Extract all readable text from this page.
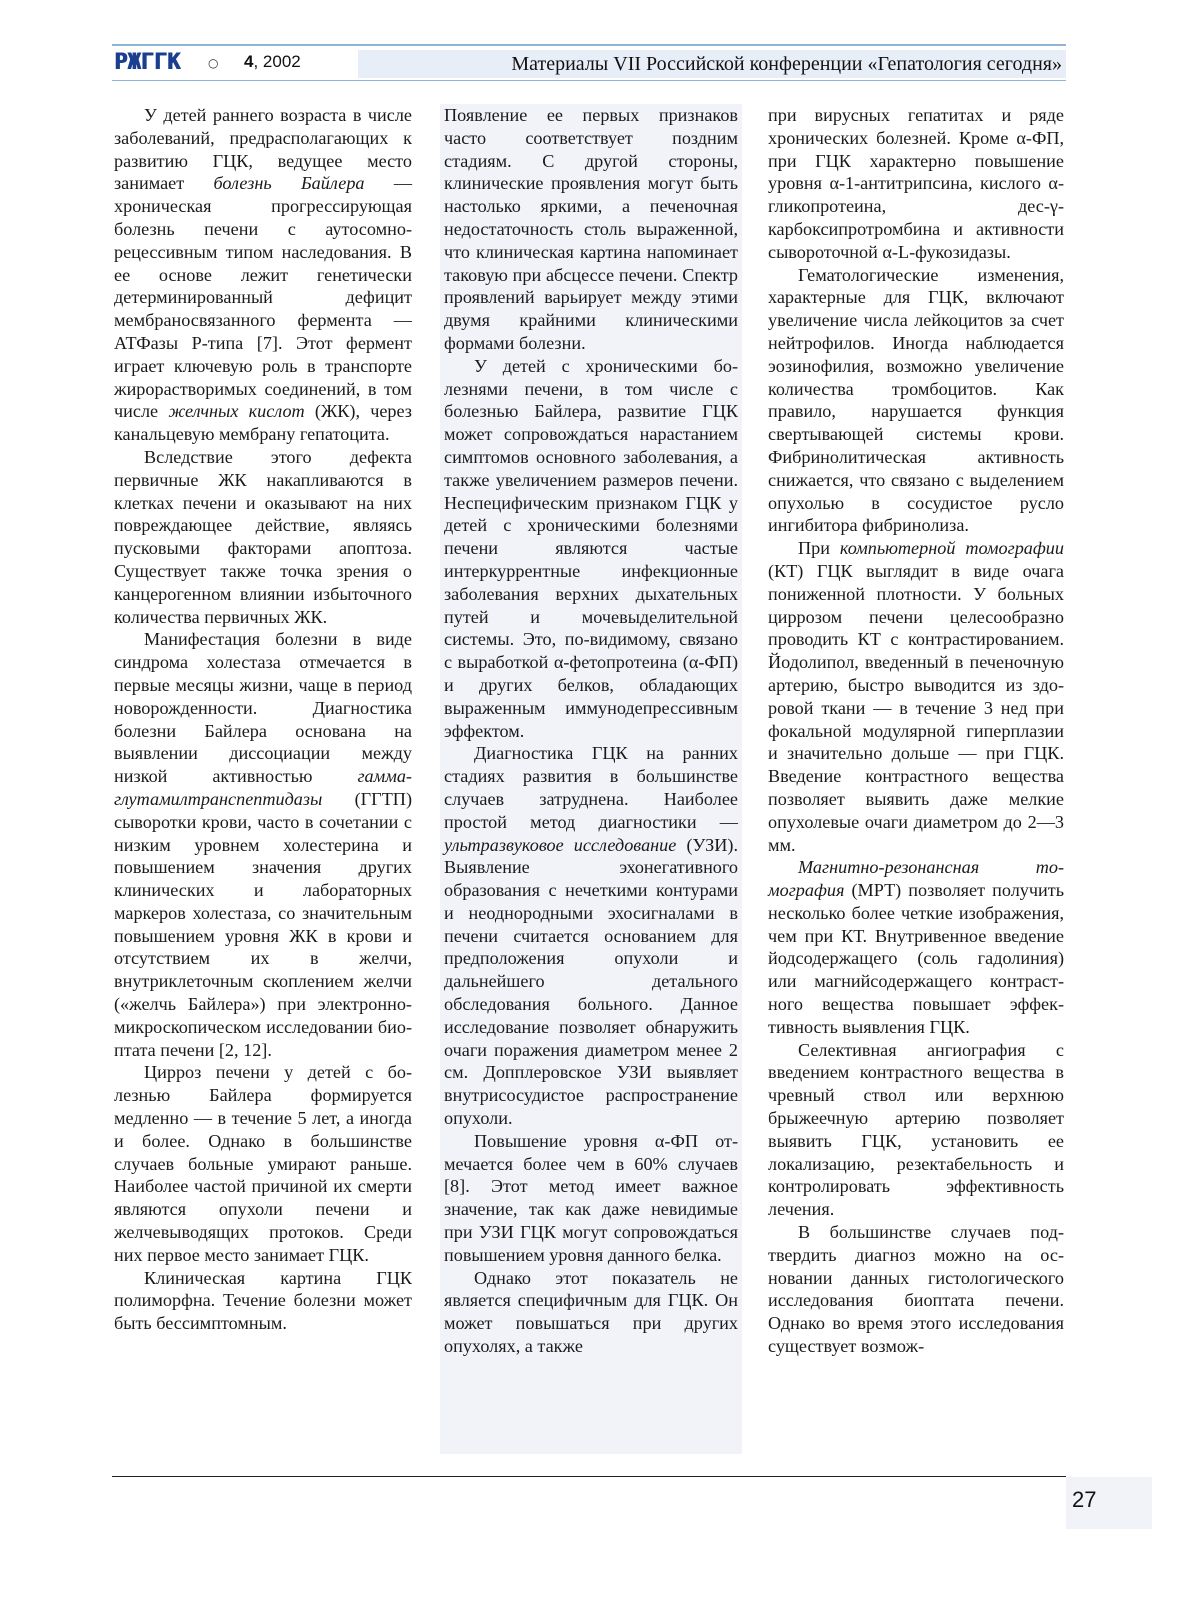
РЖГГК	○ 4, 2002	Материалы VII Российской конференции «Гепатология сегодня»

У детей раннего возраста в числе заболеваний, предрасполагающих к развитию ГЦК, ведущее место занимает болезнь Байлера — хроническая прогрессирующая болезнь печени с аутосомно-рецессивным типом наследования. В ее основе лежит генетически детерминированный дефицит мембраносвязанного фермента — АТФазы Р-типа [7]. Этот фермент играет ключевую роль в транспорте жирорастворимых соединений, в том числе желчных кислот (ЖК), через канальцевую мембрану гепатоцита.

Вследствие этого дефекта первичные ЖК накапливаются в клетках печени и оказывают на них повреждающее действие, являясь пусковыми факторами апоптоза. Существует также точка зрения о канцерогенном влиянии избыточного количества первичных ЖК.

Манифестация болезни в виде синдрома холестаза отмечается в первые месяцы жизни, чаще в период новорожденности. Диагностика болезни Байлера основана на выявлении диссоциации между низкой активностью гамма-глутамилтранспептидазы (ГГТП) сыворотки крови, часто в сочетании с низким уровнем холестерина и повышением значения других клинических и лабораторных маркеров холестаза, со значительным повышением уровня ЖК в крови и отсутствием их в желчи, внутриклеточным скоплением желчи («желчь Байлера») при электронно-микроскопическом исследовании биоптата печени [2, 12].

Цирроз печени у детей с болезнью Байлера формируется медленно — в течение 5 лет, а иногда и более. Однако в большинстве случаев больные умирают раньше. Наиболее частой причиной их смерти являются опухоли печени и желчевыводящих протоков. Среди них первое место занимает ГЦК.

Клиническая картина ГЦК полиморфна. Течение болезни может быть бессимптомным.

Появление ее первых признаков часто соответствует поздним стадиям. С другой стороны, клинические проявления могут быть настолько яркими, а печеночная недостаточность столь выраженной, что клиническая картина напоминает таковую при абсцессе печени. Спектр проявлений варьирует между этими двумя крайними клиническими формами болезни.

У детей с хроническими болезнями печени, в том числе с болезнью Байлера, развитие ГЦК может сопровождаться нарастанием симптомов основного заболевания, а также увеличением размеров печени. Неспецифическим признаком ГЦК у детей с хроническими болезнями печени являются частые интеркуррентные инфекционные заболевания верхних дыхательных путей и мочевыделительной системы. Это, по-видимому, связано с выработкой α-фетопротеина (α-ФП) и других белков, обладающих выраженным иммунодепрессивным эффектом.

Диагностика ГЦК на ранних стадиях развития в большинстве случаев затруднена. Наиболее простой метод диагностики — ультразвуковое исследование (УЗИ). Выявление эхонегативного образования с нечеткими контурами и неоднородными эхосигналами в печени считается основанием для предположения опухоли и дальнейшего детального обследования больного. Данное исследование позволяет обнаружить очаги поражения диаметром менее 2 см. Допплеровское УЗИ выявляет внутрисосудистое распространение опухоли.

Повышение уровня α-ФП отмечается более чем в 60% случаев [8]. Этот метод имеет важное значение, так как даже невидимые при УЗИ ГЦК могут сопровождаться повышением уровня данного белка.

Однако этот показатель не является специфичным для ГЦК. Он может повышаться при других опухолях, а также

при вирусных гепатитах и ряде хронических болезней. Кроме α-ФП, при ГЦК характерно повышение уровня α-1-антитрипсина, кислого α-гликопротеина, дес-γ-карбоксипротромбина и активности сывороточной α-L-фукозидазы.

Гематологические изменения, характерные для ГЦК, включают увеличение числа лейкоцитов за счет нейтрофилов. Иногда наблюдается эозинофилия, возможно увеличение количества тромбоцитов. Как правило, нарушается функция свертывающей системы крови. Фибринолитическая активность снижается, что связано с выделением опухолью в сосудистое русло ингибитора фибринолиза.

При компьютерной томографии (КТ) ГЦК выглядит в виде очага пониженной плотности. У больных циррозом печени целесообразно проводить КТ с контрастированием. Йодолипол, введенный в печеночную артерию, быстро выводится из здоровой ткани — в течение 3 нед при фокальной модулярной гиперплазии и значительно дольше — при ГЦК. Введение контрастного вещества позволяет выявить даже мелкие опухолевые очаги диаметром до 2—3 мм.

Магнитно-резонансная томография (МРТ) позволяет получить несколько более четкие изображения, чем при КТ. Внутривенное введение йодсодержащего (соль гадолиния) или магнийсодержащего контрастного вещества повышает эффективность выявления ГЦК.

Селективная ангиография с введением контрастного вещества в чревный ствол или верхнюю брыжеечную артерию позволяет выявить ГЦК, установить ее локализацию, резектабельность и контролировать эффективность лечения.

В большинстве случаев подтвердить диагноз можно на основании данных гистологического исследования биоптата печени. Однако во время этого исследования существует возмож-

27
